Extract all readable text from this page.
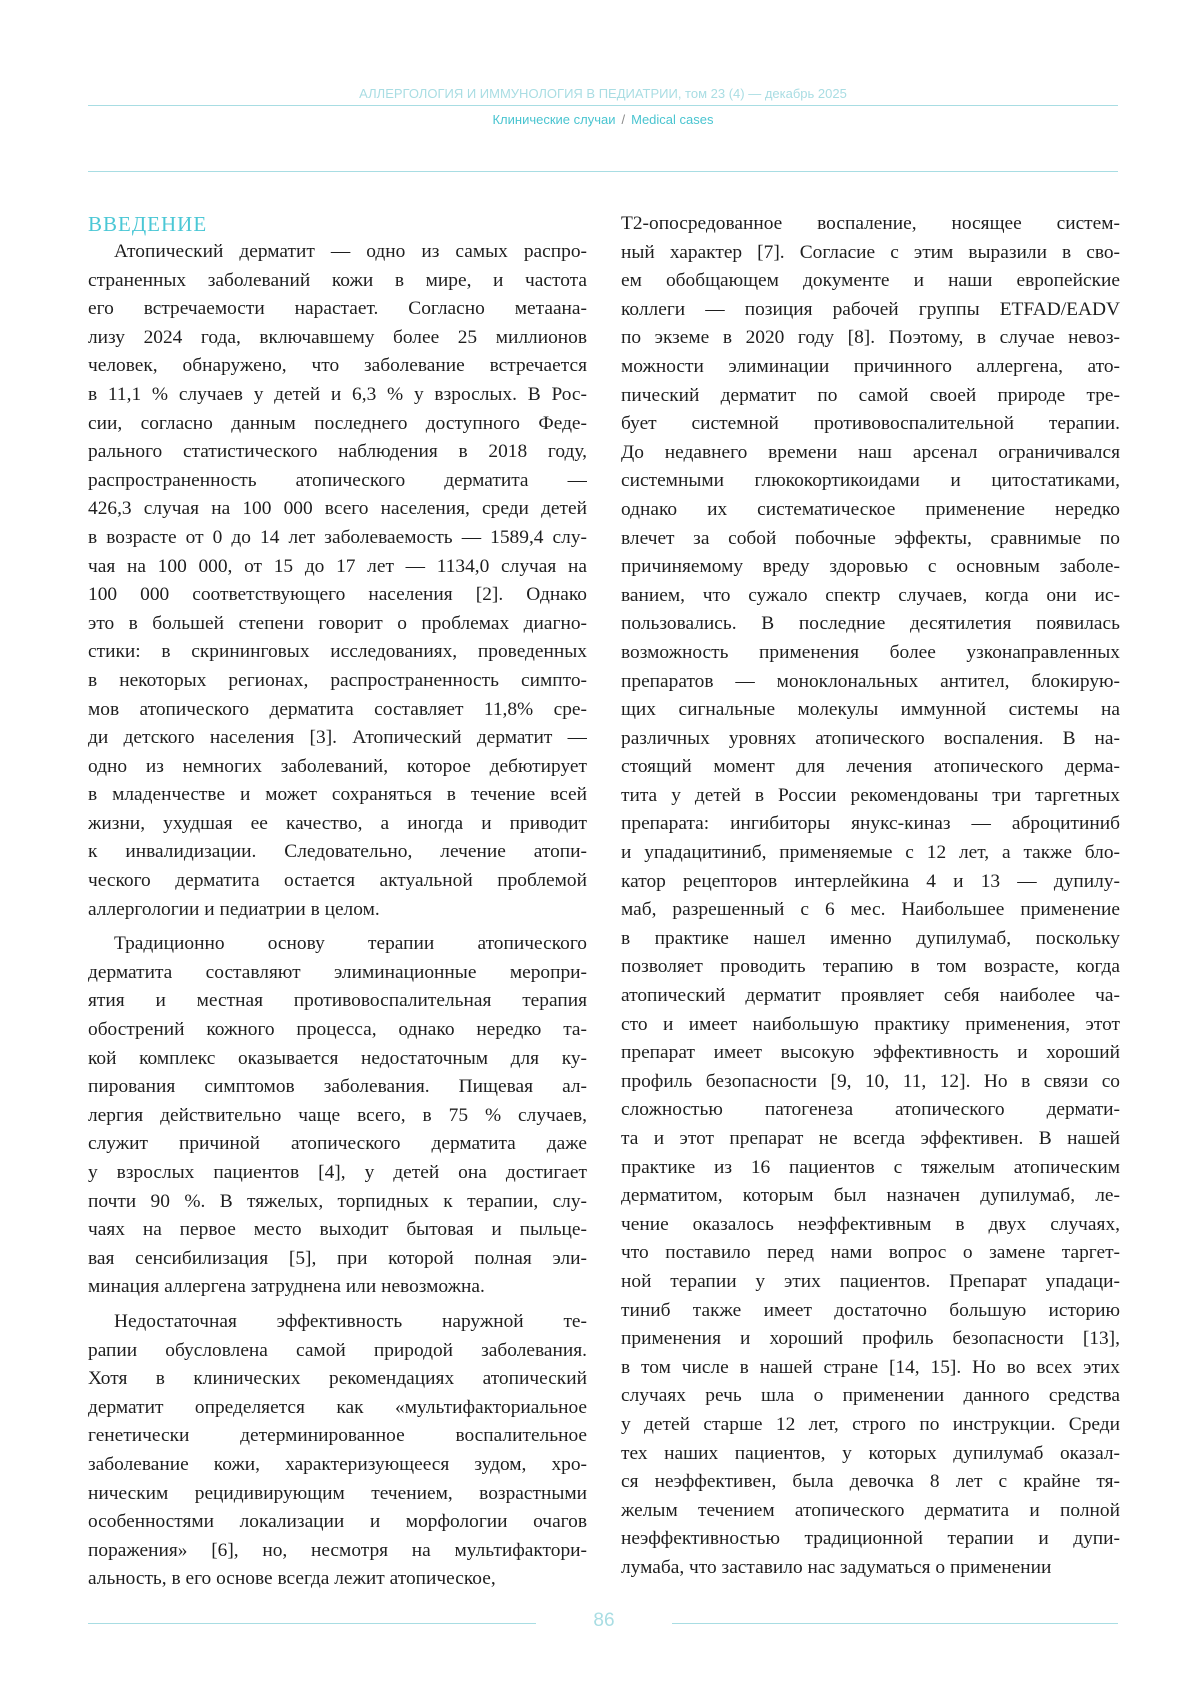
АЛЛЕРГОЛОГИЯ И ИММУНОЛОГИЯ В ПЕДИАТРИИ, том 23 (4) — декабрь 2025
Клинические случаи / Medical cases
ВВЕДЕНИЕ
Атопический дерматит — одно из самых распро-
страненных заболеваний кожи в мире, и частота
его встречаемости нарастает. Согласно метаана-
лизу 2024 года, включавшему более 25 миллионов
человек, обнаружено, что заболевание встречается
в 11,1 % случаев у детей и 6,3 % у взрослых. В Рос-
сии, согласно данным последнего доступного Феде-
рального статистического наблюдения в 2018 году,
распространенность атопического дерматита —
426,3 случая на 100 000 всего населения, среди детей
в возрасте от 0 до 14 лет заболеваемость — 1589,4 слу-
чая на 100 000, от 15 до 17 лет — 1134,0 случая на
100 000 соответствующего населения [2]. Однако
это в большей степени говорит о проблемах диагно-
стики: в скрининговых исследованиях, проведенных
в некоторых регионах, распространенность симпто-
мов атопического дерматита составляет 11,8% сре-
ди детского населения [3]. Атопический дерматит —
одно из немногих заболеваний, которое дебютирует
в младенчестве и может сохраняться в течение всей
жизни, ухудшая ее качество, а иногда и приводит
к инвалидизации. Следовательно, лечение атопи-
ческого дерматита остается актуальной проблемой
аллергологии и педиатрии в целом.
Традиционно основу терапии атопического
дерматита составляют элиминационные меропри-
ятия и местная противовоспалительная терапия
обострений кожного процесса, однако нередко та-
кой комплекс оказывается недостаточным для ку-
пирования симптомов заболевания. Пищевая ал-
лергия действительно чаще всего, в 75 % случаев,
служит причиной атопического дерматита даже
у взрослых пациентов [4], у детей она достигает
почти 90 %. В тяжелых, торпидных к терапии, слу-
чаях на первое место выходит бытовая и пыльце-
вая сенсибилизация [5], при которой полная эли-
минация аллергена затруднена или невозможна.
Недостаточная эффективность наружной те-
рапии обусловлена самой природой заболевания.
Хотя в клинических рекомендациях атопический
дерматит определяется как «мультифакториальное
генетически детерминированное воспалительное
заболевание кожи, характеризующееся зудом, хро-
ническим рецидивирующим течением, возрастными
особенностями локализации и морфологии очагов
поражения» [6], но, несмотря на мультифактори-
альность, в его основе всегда лежит атопическое,
Т2-опосредованное воспаление, носящее систем-
ный характер [7]. Согласие с этим выразили в сво-
ем обобщающем документе и наши европейские
коллеги — позиция рабочей группы ETFAD/EADV
по экземе в 2020 году [8]. Поэтому, в случае невоз-
можности элиминации причинного аллергена, ато-
пический дерматит по самой своей природе тре-
бует системной противовоспалительной терапии.
До недавнего времени наш арсенал ограничивался
системными глюкокортикоидами и цитостатиками,
однако их систематическое применение нередко
влечет за собой побочные эффекты, сравнимые по
причиняемому вреду здоровью с основным заболе-
ванием, что сужало спектр случаев, когда они ис-
пользовались. В последние десятилетия появилась
возможность применения более узконаправленных
препаратов — моноклональных антител, блокирую-
щих сигнальные молекулы иммунной системы на
различных уровнях атопического воспаления. В на-
стоящий момент для лечения атопического дерма-
тита у детей в России рекомендованы три таргетных
препарата: ингибиторы янукс-киназ — аброцитиниб
и упадацитиниб, применяемые с 12 лет, а также бло-
катор рецепторов интерлейкина 4 и 13 — дупилу-
маб, разрешенный с 6 мес. Наибольшее применение
в практике нашел именно дупилумаб, поскольку
позволяет проводить терапию в том возрасте, когда
атопический дерматит проявляет себя наиболее ча-
сто и имеет наибольшую практику применения, этот
препарат имеет высокую эффективность и хороший
профиль безопасности [9, 10, 11, 12]. Но в связи со
сложностью патогенеза атопического дермати-
та и этот препарат не всегда эффективен. В нашей
практике из 16 пациентов с тяжелым атопическим
дерматитом, которым был назначен дупилумаб, ле-
чение оказалось неэффективным в двух случаях,
что поставило перед нами вопрос о замене таргет-
ной терапии у этих пациентов. Препарат упадаци-
тиниб также имеет достаточно большую историю
применения и хороший профиль безопасности [13],
в том числе в нашей стране [14, 15]. Но во всех этих
случаях речь шла о применении данного средства
у детей старше 12 лет, строго по инструкции. Среди
тех наших пациентов, у которых дупилумаб оказал-
ся неэффективен, была девочка 8 лет с крайне тя-
желым течением атопического дерматита и полной
неэффективностью традиционной терапии и дупи-
лумаба, что заставило нас задуматься о применении
86
